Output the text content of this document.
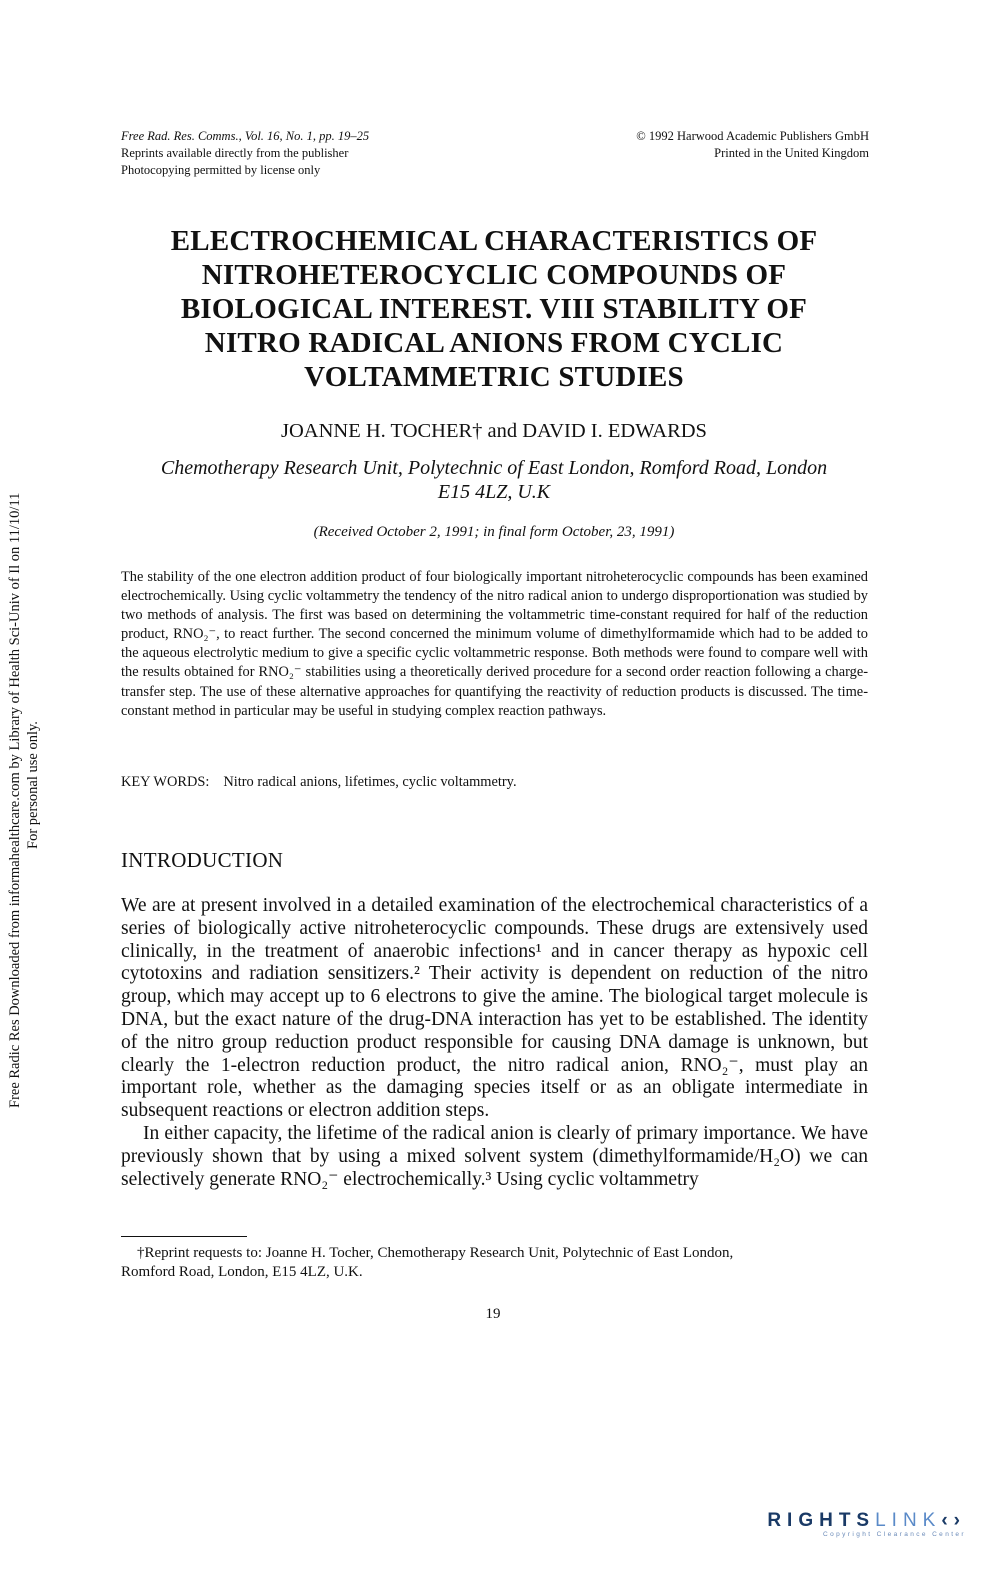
Free Rad. Res. Comms., Vol. 16, No. 1, pp. 19–25
Reprints available directly from the publisher
Photocopying permitted by license only
© 1992 Harwood Academic Publishers GmbH
Printed in the United Kingdom
ELECTROCHEMICAL CHARACTERISTICS OF
NITROHETEROCYCLIC COMPOUNDS OF
BIOLOGICAL INTEREST. VIII STABILITY OF
NITRO RADICAL ANIONS FROM CYCLIC
VOLTAMMETRIC STUDIES
JOANNE H. TOCHER† and DAVID I. EDWARDS
Chemotherapy Research Unit, Polytechnic of East London, Romford Road, London
E15 4LZ, U.K
(Received October 2, 1991; in final form October, 23, 1991)
The stability of the one electron addition product of four biologically important nitroheterocyclic compounds has been examined electrochemically. Using cyclic voltammetry the tendency of the nitro radical anion to undergo disproportionation was studied by two methods of analysis. The first was based on determining the voltammetric time-constant required for half of the reduction product, RNO₂⁻, to react further. The second concerned the minimum volume of dimethylformamide which had to be added to the aqueous electrolytic medium to give a specific cyclic voltammetric response. Both methods were found to compare well with the results obtained for RNO₂⁻ stabilities using a theoretically derived procedure for a second order reaction following a charge-transfer step. The use of these alternative approaches for quantifying the reactivity of reduction products is discussed. The time-constant method in particular may be useful in studying complex reaction pathways.
KEY WORDS: Nitro radical anions, lifetimes, cyclic voltammetry.
INTRODUCTION

We are at present involved in a detailed examination of the electrochemical characteristics of a series of biologically active nitroheterocyclic compounds. These drugs are extensively used clinically, in the treatment of anaerobic infections¹ and in cancer therapy as hypoxic cell cytotoxins and radiation sensitizers.² Their activity is dependent on reduction of the nitro group, which may accept up to 6 electrons to give the amine. The biological target molecule is DNA, but the exact nature of the drug-DNA interaction has yet to be established. The identity of the nitro group reduction product responsible for causing DNA damage is unknown, but clearly the 1-electron reduction product, the nitro radical anion, RNO₂⁻, must play an important role, whether as the damaging species itself or as an obligate intermediate in subsequent reactions or electron addition steps.

In either capacity, the lifetime of the radical anion is clearly of primary importance. We have previously shown that by using a mixed solvent system (dimethylformamide/H₂O) we can selectively generate RNO₂⁻ electrochemically.³ Using cyclic voltammetry

†Reprint requests to: Joanne H. Tocher, Chemotherapy Research Unit, Polytechnic of East London,
Romford Road, London, E15 4LZ, U.K.
19
Free Radic Res Downloaded from informahealthcare.com by Library of Health Sci-Univ of Il on 11/10/11 For personal use only.
RIGHTSLINK‹›
Copyright Clearance Center
